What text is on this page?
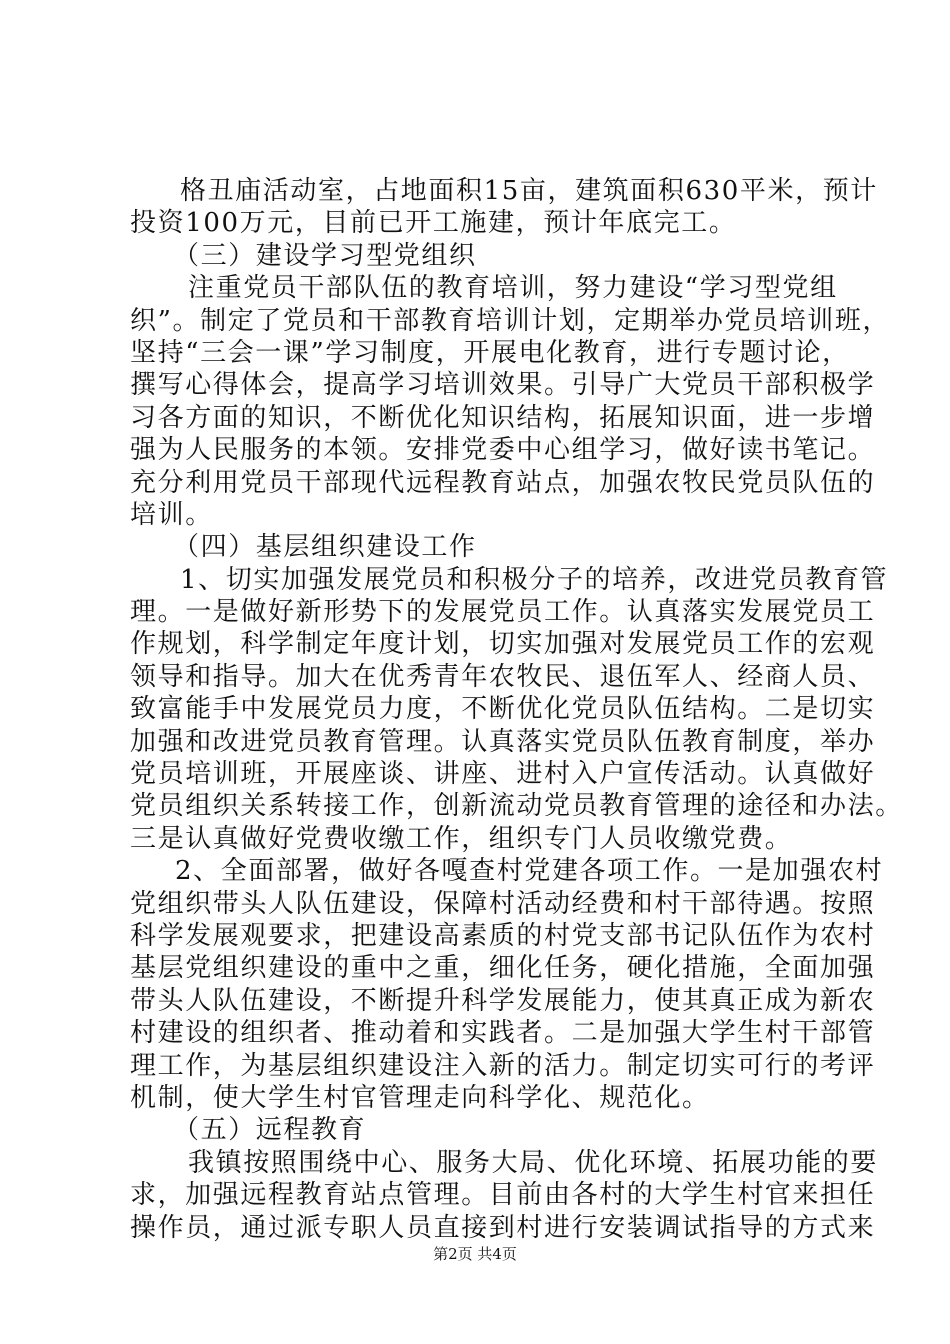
格丑庙活动室，占地面积15亩，建筑面积630平米，预计
投资100万元，目前已开工施建，预计年底完工。
（三）建设学习型党组织
注重党员干部队伍的教育培训，努力建设“学习型党组
织”。制定了党员和干部教育培训计划，定期举办党员培训班，
坚持“三会一课”学习制度，开展电化教育，进行专题讨论，
撰写心得体会，提高学习培训效果。引导广大党员干部积极学
习各方面的知识，不断优化知识结构，拓展知识面，进一步增
强为人民服务的本领。安排党委中心组学习，做好读书笔记。
充分利用党员干部现代远程教育站点，加强农牧民党员队伍的
培训。
（四）基层组织建设工作
1、切实加强发展党员和积极分子的培养，改进党员教育管
理。一是做好新形势下的发展党员工作。认真落实发展党员工
作规划，科学制定年度计划，切实加强对发展党员工作的宏观
领导和指导。加大在优秀青年农牧民、退伍军人、经商人员、
致富能手中发展党员力度，不断优化党员队伍结构。二是切实
加强和改进党员教育管理。认真落实党员队伍教育制度，举办
党员培训班，开展座谈、讲座、进村入户宣传活动。认真做好
党员组织关系转接工作，创新流动党员教育管理的途径和办法。
三是认真做好党费收缴工作，组织专门人员收缴党费。
2、全面部署，做好各嘎查村党建各项工作。一是加强农村
党组织带头人队伍建设，保障村活动经费和村干部待遇。按照
科学发展观要求，把建设高素质的村党支部书记队伍作为农村
基层党组织建设的重中之重，细化任务，硬化措施，全面加强
带头人队伍建设，不断提升科学发展能力，使其真正成为新农
村建设的组织者、推动着和实践者。二是加强大学生村干部管
理工作，为基层组织建设注入新的活力。制定切实可行的考评
机制，使大学生村官管理走向科学化、规范化。
（五）远程教育
我镇按照围绕中心、服务大局、优化环境、拓展功能的要
求，加强远程教育站点管理。目前由各村的大学生村官来担任
操作员，通过派专职人员直接到村进行安装调试指导的方式来
第2页 共4页
